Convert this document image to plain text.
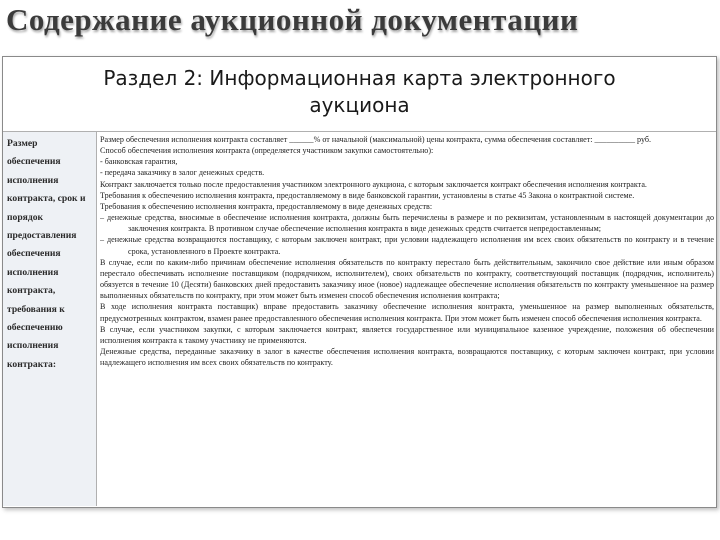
Содержание аукционной документации
Раздел 2: Информационная карта электронного
аукциона
Размер
обеспечения
исполнения
контракта, срок и
порядок
предоставления
обеспечения
исполнения
контракта,
требования к
обеспечению
исполнения
контракта:
Размер обеспечения исполнения контракта составляет ______% от начальной (максимальной) цены контракта, сумма обеспечения составляет: __________ руб.
Способ обеспечения исполнения контракта (определяется участником закупки самостоятельно):
- банковская гарантия,
- передача заказчику в залог денежных средств.
Контракт заключается только после предоставления участником электронного аукциона, с которым заключается контракт обеспечения исполнения контракта.
Требования к обеспечению исполнения контракта, предоставляемому в виде банковской гарантии, установлены в статье 45 Закона о контрактной системе.
Требования к обеспечению исполнения контракта, предоставляемому в виде денежных средств:
– денежные средства, вносимые в обеспечение исполнения контракта, должны быть перечислены в размере и по реквизитам, установленным в настоящей документации до заключения контракта. В противном случае обеспечение исполнения контракта в виде денежных средств считается непредоставленным;
– денежные средства возвращаются поставщику, с которым заключен контракт, при условии надлежащего исполнения им всех своих обязательств по контракту и в течение срока, установленного в Проекте контракта.
В случае, если по каким-либо причинам обеспечение исполнения обязательств по контракту перестало быть действительным, закончило свое действие или иным образом перестало обеспечивать исполнение поставщиком (подрядчиком, исполнителем), своих обязательств по контракту, соответствующий поставщик (подрядчик, исполнитель) обязуется в течение 10 (Десяти) банковских дней предоставить заказчику иное (новое) надлежащее обеспечение исполнения обязательств по контракту уменьшенное на размер выполненных обязательств по контракту, при этом может быть изменен способ обеспечения исполнения контракта;
В ходе исполнения контракта поставщик) вправе предоставить заказчику обеспечение исполнения контракта, уменьшенное на размер выполненных обязательств, предусмотренных контрактом, взамен ранее предоставленного обеспечения исполнения контракта. При этом может быть изменен способ обеспечения исполнения контракта.
В случае, если участником закупки, с которым заключается контракт, является государственное или муниципальное казенное учреждение, положения об обеспечении исполнения контракта к такому участнику не применяются.
Денежные средства, переданные заказчику в залог в качестве обеспечения исполнения контракта, возвращаются поставщику, с которым заключен контракт, при условии надлежащего исполнения им всех своих обязательств по контракту.
